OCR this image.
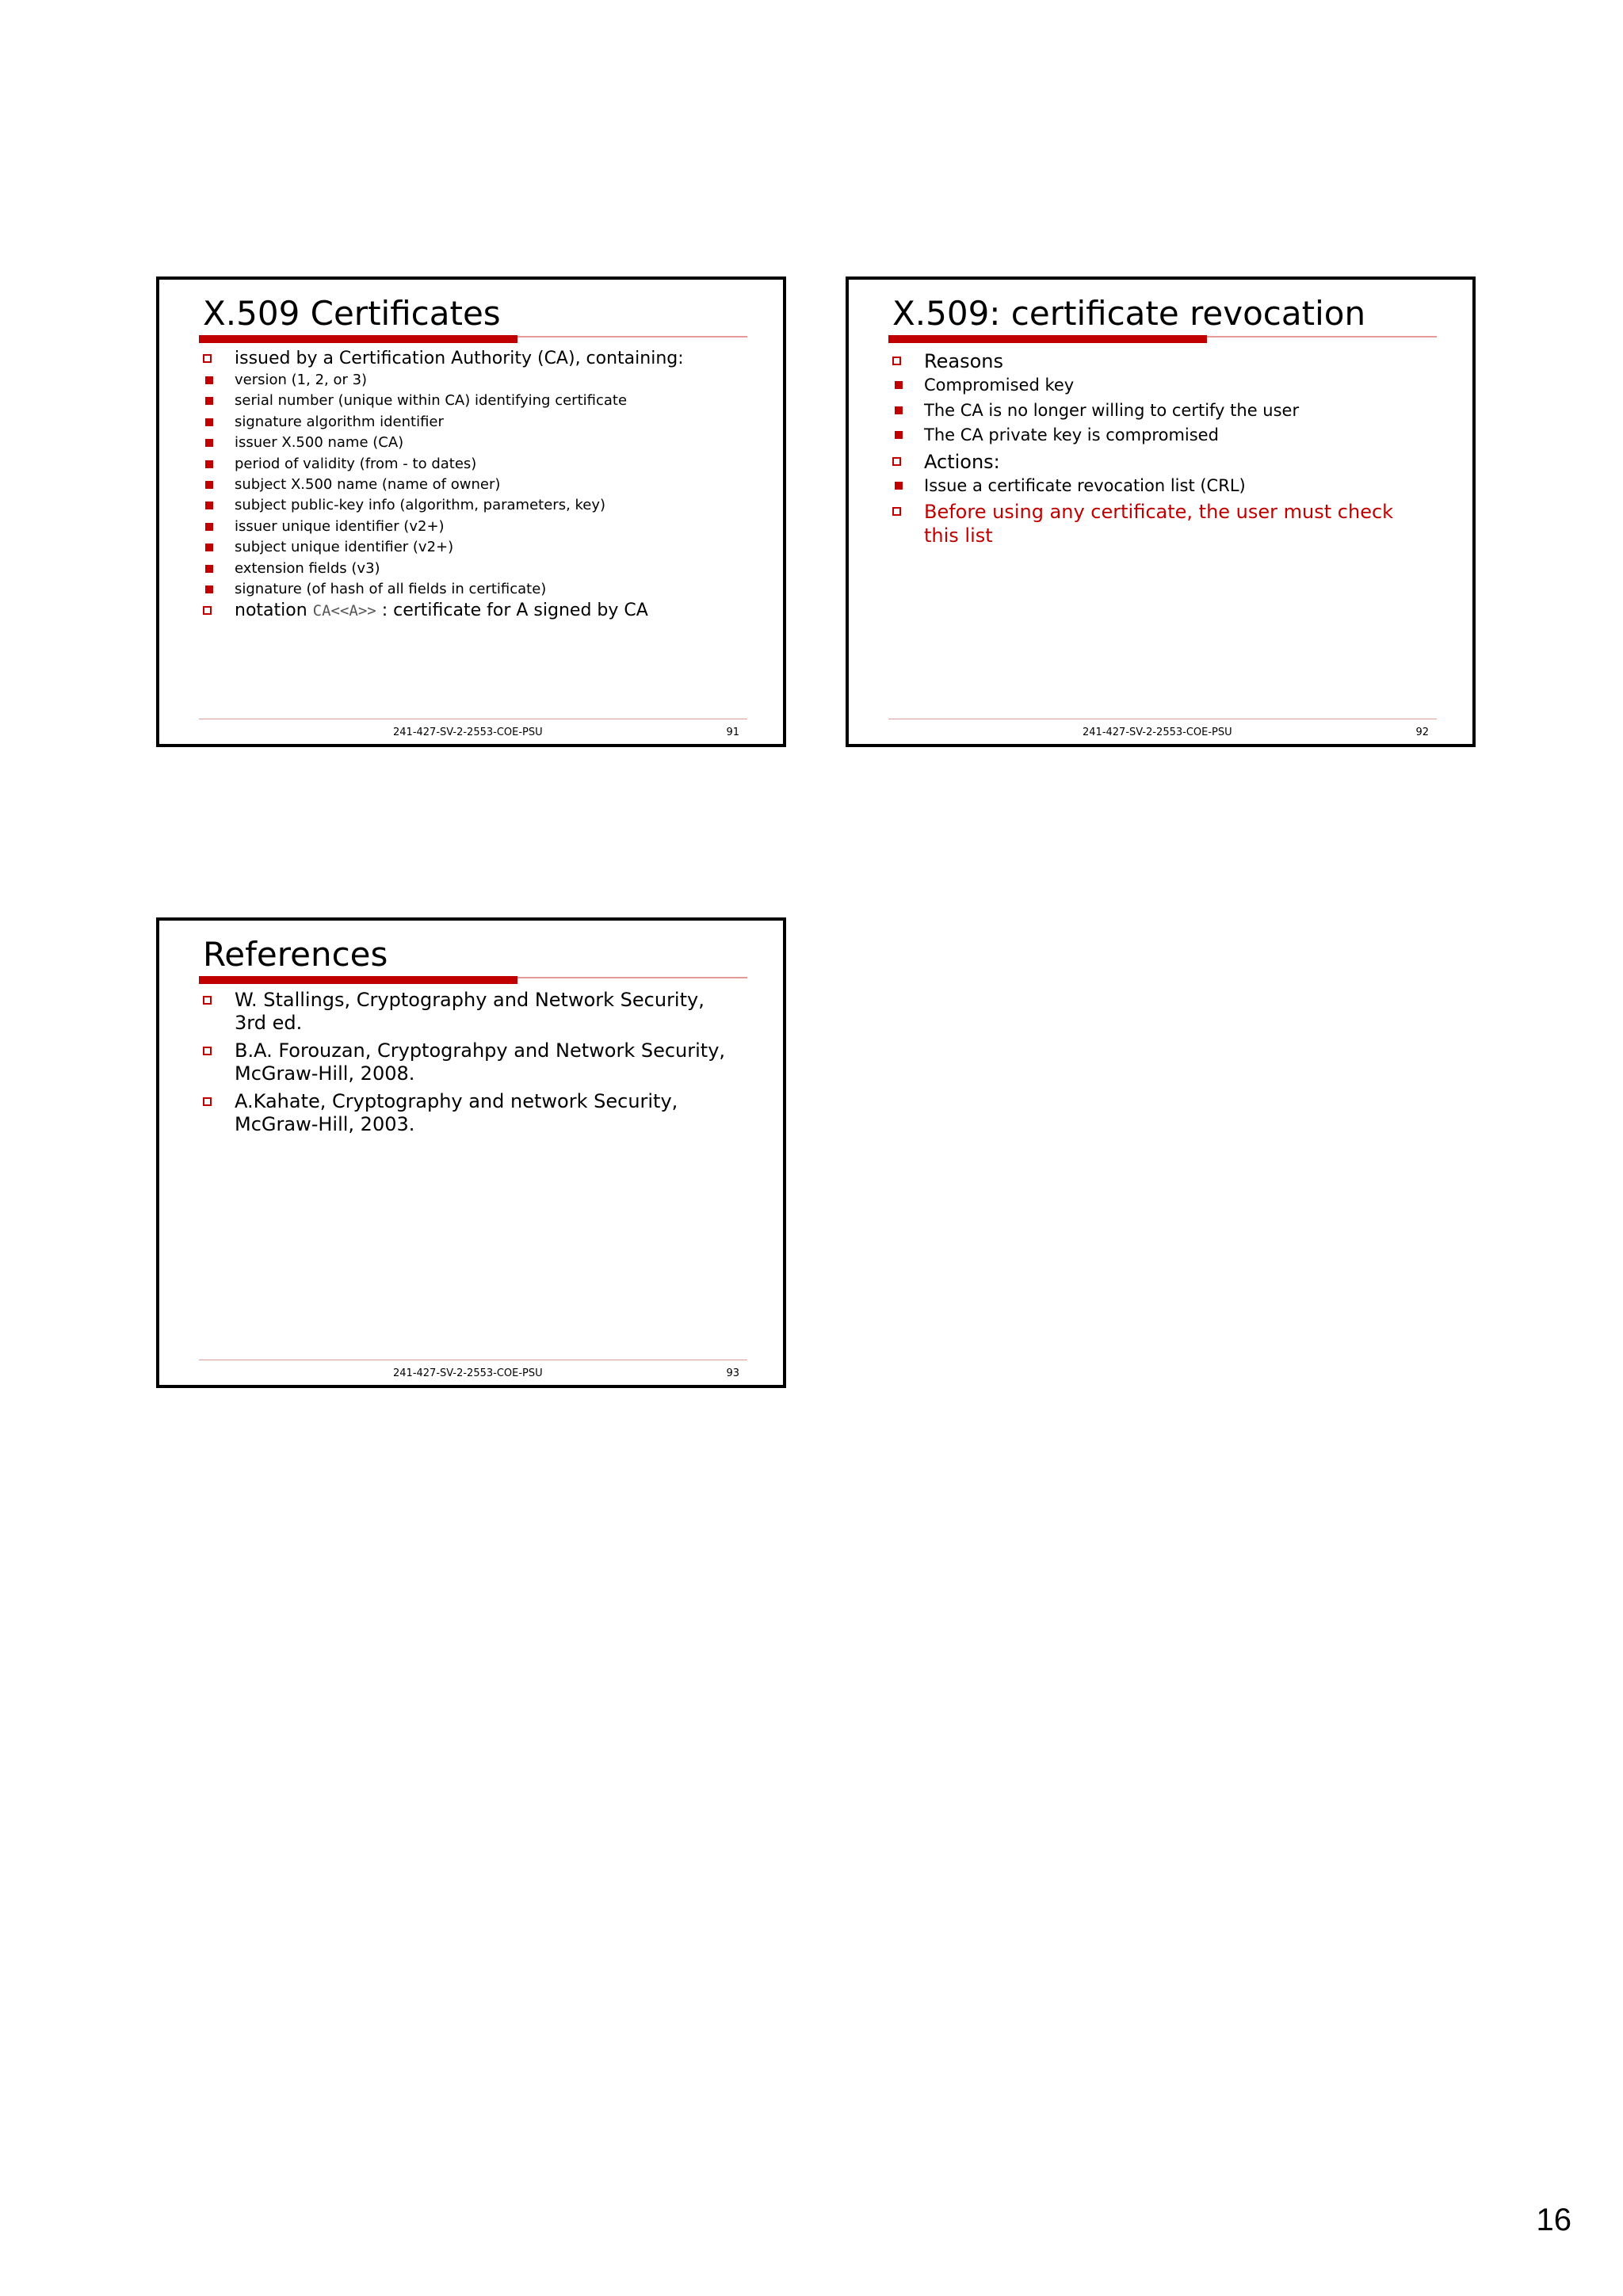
X.509 Certificates
issued by a Certification Authority (CA), containing:
version (1, 2, or 3)
serial number (unique within CA) identifying certificate
signature algorithm identifier
issuer X.500 name (CA)
period of validity (from - to dates)
subject X.500 name (name of owner)
subject public-key info (algorithm, parameters, key)
issuer unique identifier (v2+)
subject unique identifier (v2+)
extension fields (v3)
signature (of hash of all fields in certificate)
notation CA<<A>> : certificate for A signed by CA
241-427-SV-2-2553-COE-PSU	91
X.509: certificate revocation
Reasons
Compromised key
The CA is no longer willing to certify the user
The CA private key is compromised
Actions:
Issue a certificate revocation list (CRL)
Before using any certificate, the user must check
this list
241-427-SV-2-2553-COE-PSU	92
References
W. Stallings, Cryptography and Network Security,
3rd ed.
B.A. Forouzan, Cryptograhpy and Network Security,
McGraw-Hill, 2008.
A.Kahate, Cryptography and network Security,
McGraw-Hill, 2003.
241-427-SV-2-2553-COE-PSU	93
16
